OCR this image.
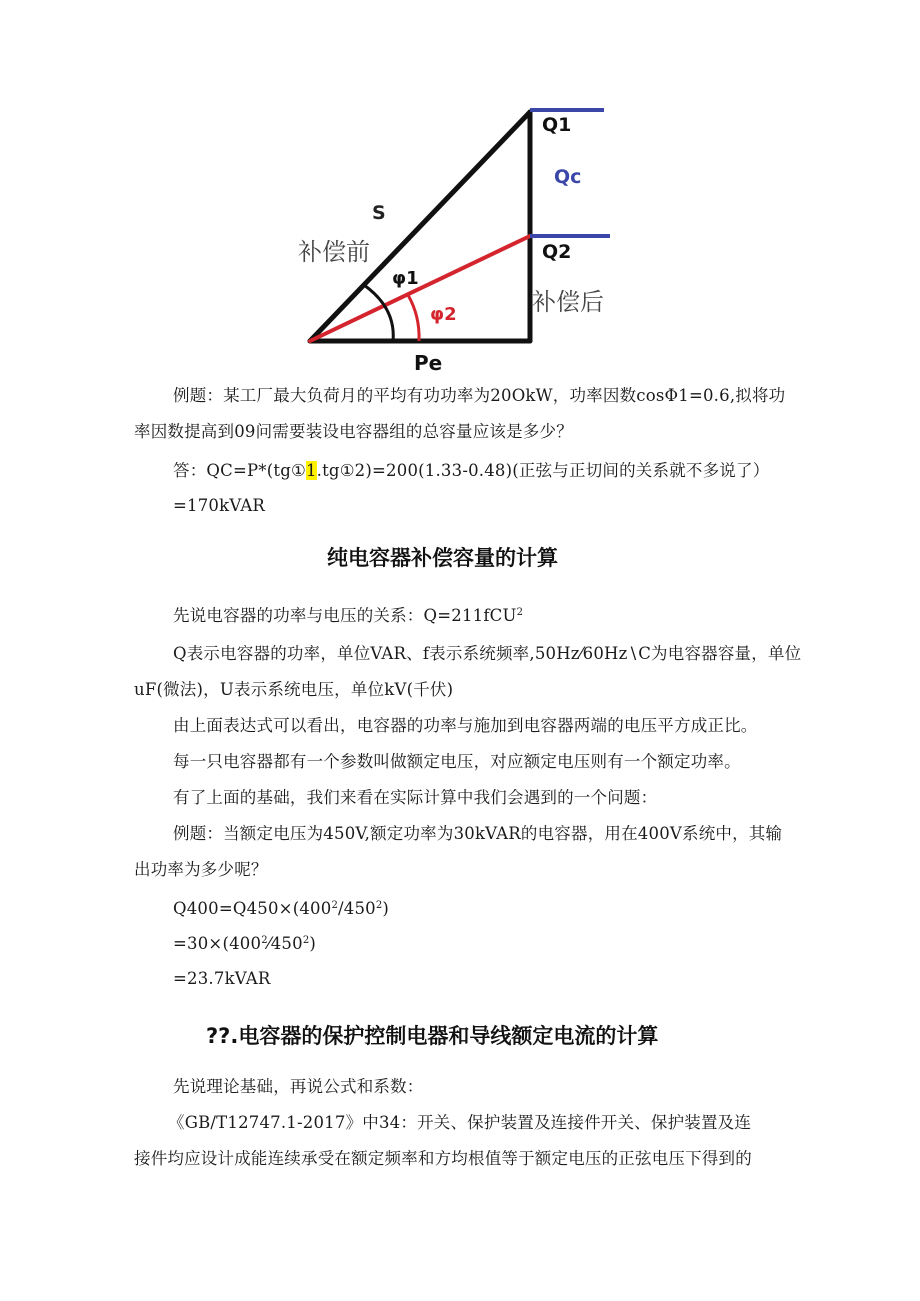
S
补偿前
φ1
φ2
Q1
Qc
Q2
补偿后
Pe

例题：某工厂最大负荷月的平均有功功率为20OkW，功率因数cosΦ1=0.6,拟将功

率因数提高到09问需要装设电容器组的总容量应该是多少？

答：QC=P*(tg①1.tg①2)=200(1.33-0.48)(正弦与正切间的关系就不多说了）

=170kVAR

纯电容器补偿容量的计算

先说电容器的功率与电压的关系：Q=211fCU$^2$

Q表示电容器的功率，单位VAR、f表示系统频率,50Hz⁄60Hz∖C为电容器容量，单位

uF(微法)，U表示系统电压，单位kV(千伏)

由上面表达式可以看出，电容器的功率与施加到电容器两端的电压平方成正比。

每一只电容器都有一个参数叫做额定电压，对应额定电压则有一个额定功率。

有了上面的基础，我们来看在实际计算中我们会遇到的一个问题：

例题：当额定电压为450V,额定功率为30kVAR的电容器，用在400V系统中，其输

出功率为多少呢？

$Q400=Q450\times(400^2/450^2)$

$=30\times(400^2⁄450^2)$

=23.7kVAR

??.电容器的保护控制电器和导线额定电流的计算

先说理论基础，再说公式和系数：

《GB/T12747.1-2017》中34：开关、保护装置及连接件开关、保护装置及连

接件均应设计成能连续承受在额定频率和方均根值等于额定电压的正弦电压下得到的
